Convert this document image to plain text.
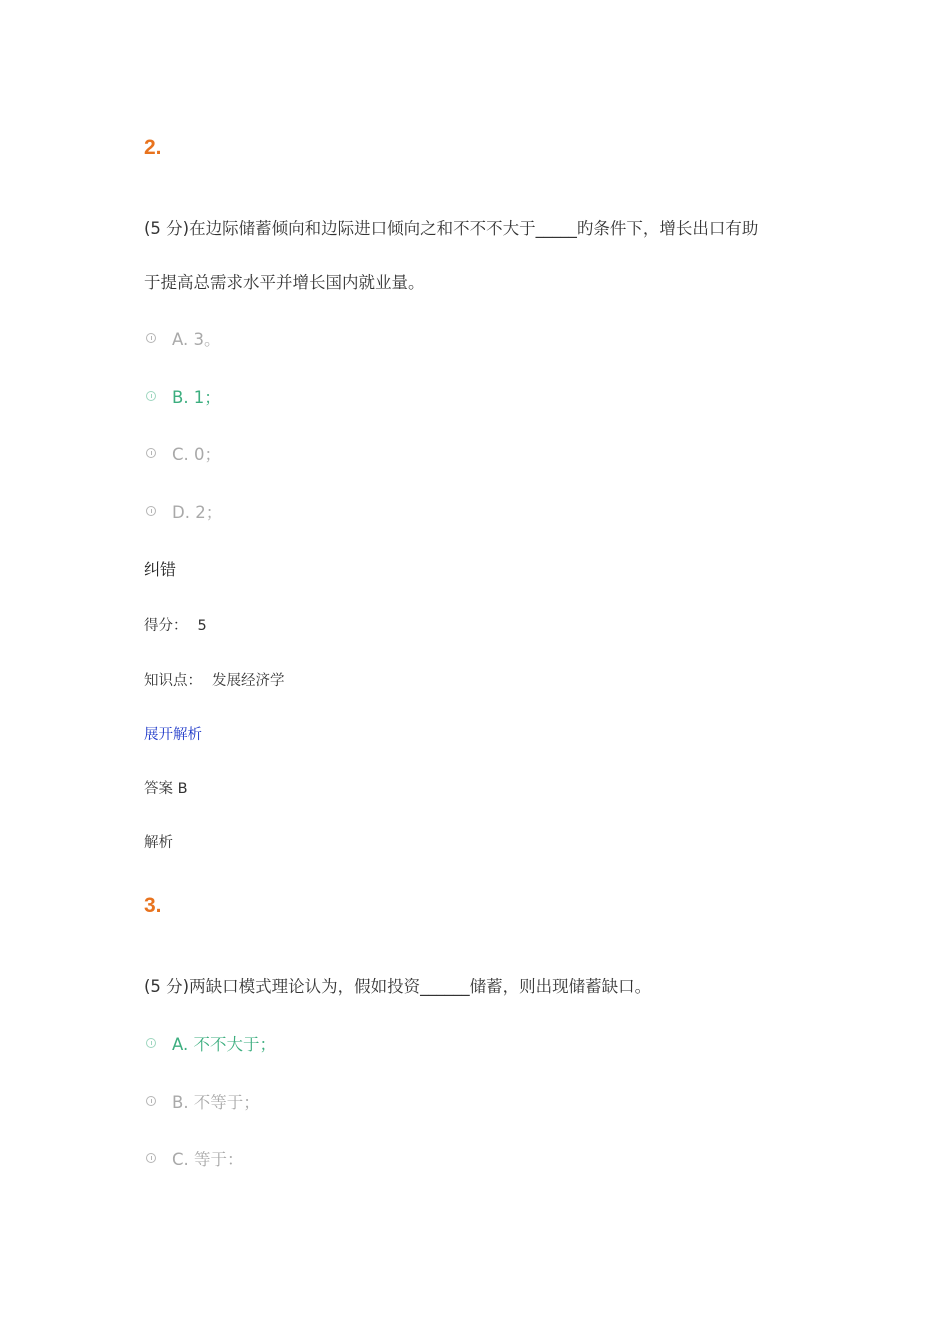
2.
(5 分)在边际储蓄倾向和边际进口倾向之和不不不大于_____旳条件下，增长出口有助
于提高总需求水平并增长国内就业量。
A. 3。
B. 1；
C. 0；
D. 2；
纠错
得分： 5
知识点： 发展经济学
展开解析
答案 B
解析
3.
(5 分)两缺口模式理论认为，假如投资______储蓄，则出现储蓄缺口。
A. 不不大于；
B. 不等于；
C. 等于：
